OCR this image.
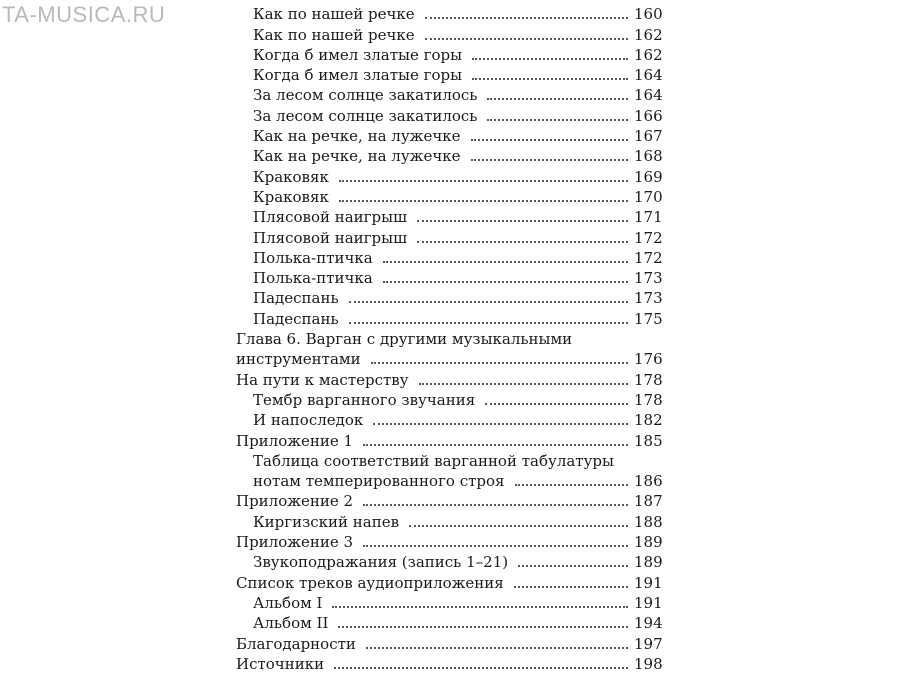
TA-MUSICA.RU	Как по нашей речке	160
Как по нашей речке	162
Когда б имел златые горы	162
Когда б имел златые горы	164
За лесом солнце закатилось	164
За лесом солнце закатилось	166
Как на речке, на лужечке	167
Как на речке, на лужечке	168
Краковяк	169
Краковяк	170
Плясовой наигрыш	171
Плясовой наигрыш	172
Полька-птичка	172
Полька-птичка	173
Падеспань	173
Падеспань	175
Глава 6. Варган с другими музыкальными
инструментами	176
На пути к мастерству	178
Тембр варганного звучания	178
И напоследок	182
Приложение 1	185
Таблица соответствий варганной табулатуры
нотам темперированного строя	186
Приложение 2	187
Киргизский напев	188
Приложение 3	189
Звукоподражания (запись 1–21)	189
Список треков аудиоприложения	191
Альбом I	191
Альбом II	194
Благодарности	197
Источники	198
